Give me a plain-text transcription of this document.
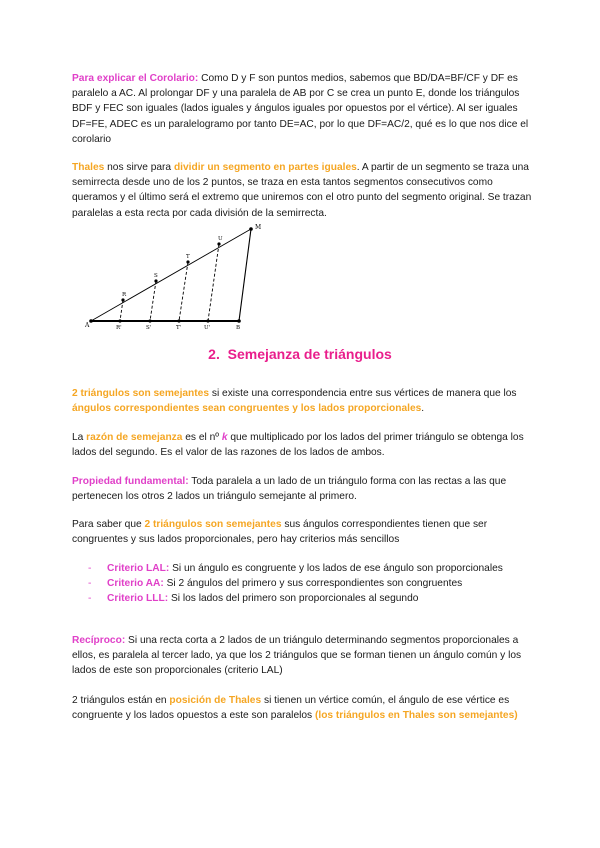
Para explicar el Corolario: Como D y F son puntos medios, sabemos que BD/DA=BF/CF y DF es paralelo a AC. Al prolongar DF y una paralela de AB por C se crea un punto E, donde los triángulos BDF y FEC son iguales (lados iguales y ángulos iguales por opuestos por el vértice). Al ser iguales DF=FE, ADEC es un paralelogramo por tanto DE=AC, por lo que DF=AC/2, qué es lo que nos dice el corolario

Thales nos sirve para dividir un segmento en partes iguales. A partir de un segmento se traza una semirrecta desde uno de los 2 puntos, se traza en esta tantos segmentos consecutivos como queramos y el último será el extremo que uniremos con el otro punto del segmento original. Se trazan paralelas a esta recta por cada división de la semirrecta.

A	R'	S'	T'	U'	B
R
S
T
U
M
2. Semejanza de triángulos

2 triángulos son semejantes si existe una correspondencia entre sus vértices de manera que los ángulos correspondientes sean congruentes y los lados proporcionales.

La razón de semejanza es el nº k que multiplicado por los lados del primer triángulo se obtenga los lados del segundo. Es el valor de las razones de los lados de ambos.

Propiedad fundamental: Toda paralela a un lado de un triángulo forma con las rectas a las que pertenecen los otros 2 lados un triángulo semejante al primero.

Para saber que 2 triángulos son semejantes sus ángulos correspondientes tienen que ser congruentes y sus lados proporcionales, pero hay criterios más sencillos

- Criterio LAL: Si un ángulo es congruente y los lados de ese ángulo son proporcionales
- Criterio AA: Si 2 ángulos del primero y sus correspondientes son congruentes
- Criterio LLL: Si los lados del primero son proporcionales al segundo

Recíproco: Si una recta corta a 2 lados de un triángulo determinando segmentos proporcionales a ellos, es paralela al tercer lado, ya que los 2 triángulos que se forman tienen un ángulo común y los lados de este son proporcionales (criterio LAL)

2 triángulos están en posición de Thales si tienen un vértice común, el ángulo de ese vértice es congruente y los lados opuestos a este son paralelos (los triángulos en Thales son semejantes)
